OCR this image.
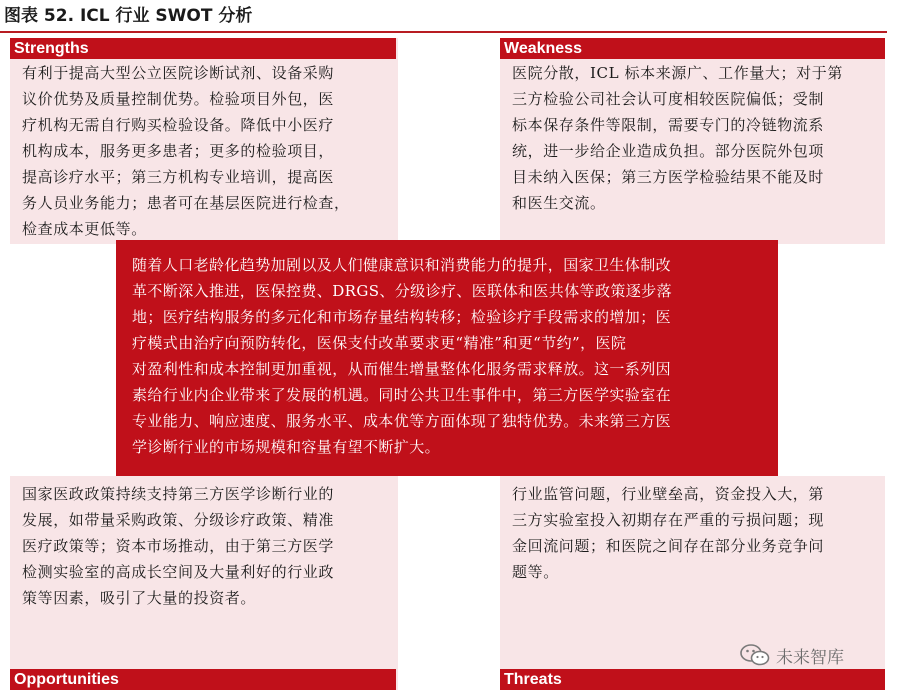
图表 52. ICL 行业 SWOT 分析
Strengths
有利于提高大型公立医院诊断试剂、设备采购
议价优势及质量控制优势。检验项目外包，医
疗机构无需自行购买检验设备。降低中小医疗
机构成本，服务更多患者；更多的检验项目，
提高诊疗水平；第三方机构专业培训，提高医
务人员业务能力；患者可在基层医院进行检查，
检查成本更低等。
Weakness
医院分散，ICL 标本来源广、工作量大；对于第
三方检验公司社会认可度相较医院偏低；受制
标本保存条件等限制，需要专门的冷链物流系
统，进一步给企业造成负担。部分医院外包项
目未纳入医保；第三方医学检验结果不能及时
和医生交流。
国家医政政策持续支持第三方医学诊断行业的
发展，如带量采购政策、分级诊疗政策、精准
医疗政策等；资本市场推动，由于第三方医学
检测实验室的高成长空间及大量利好的行业政
策等因素，吸引了大量的投资者。
Opportunities
行业监管问题，行业壁垒高，资金投入大，第
三方实验室投入初期存在严重的亏损问题；现
金回流问题；和医院之间存在部分业务竞争问
题等。
Threats
随着人口老龄化趋势加剧以及人们健康意识和消费能力的提升，国家卫生体制改
革不断深入推进，医保控费、DRGS、分级诊疗、医联体和医共体等政策逐步落
地；医疗结构服务的多元化和市场存量结构转移；检验诊疗手段需求的增加；医
疗模式由治疗向预防转化，医保支付改革要求更“精准”和更“节约”，医院
对盈利性和成本控制更加重视，从而催生增量整体化服务需求释放。这一系列因
素给行业内企业带来了发展的机遇。同时公共卫生事件中，第三方医学实验室在
专业能力、响应速度、服务水平、成本优等方面体现了独特优势。未来第三方医
学诊断行业的市场规模和容量有望不断扩大。
未来智库
